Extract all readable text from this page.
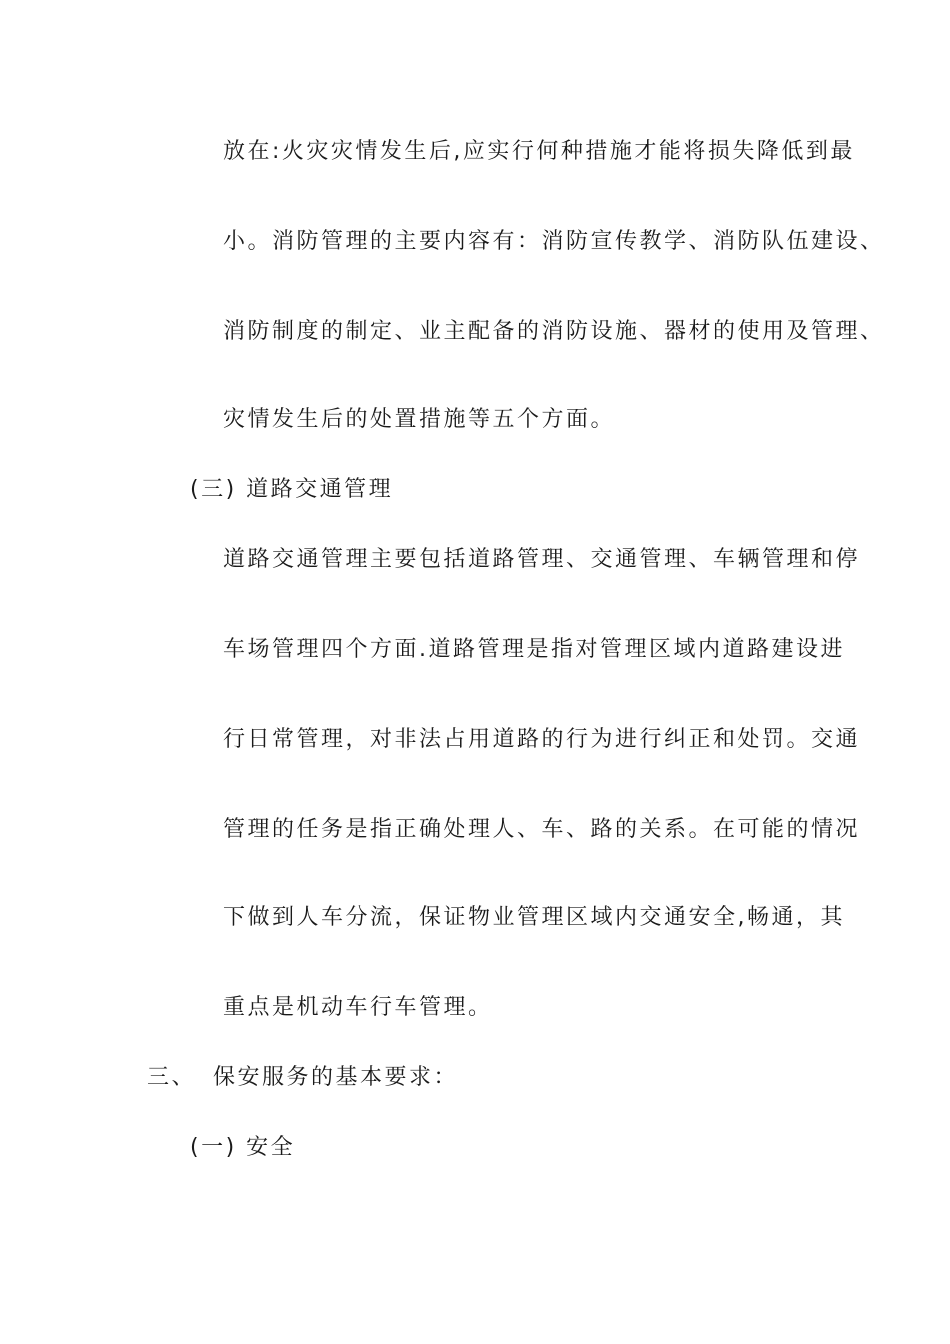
放在:火灾灾情发生后,应实行何种措施才能将损失降低到最
小。消防管理的主要内容有：消防宣传教学、消防队伍建设、
消防制度的制定、业主配备的消防设施、器材的使用及管理、
灾情发生后的处置措施等五个方面。
(三) 道路交通管理
道路交通管理主要包括道路管理、交通管理、车辆管理和停
车场管理四个方面.道路管理是指对管理区域内道路建设进
行日常管理，对非法占用道路的行为进行纠正和处罚。交通
管理的任务是指正确处理人、车、路的关系。在可能的情况
下做到人车分流，保证物业管理区域内交通安全,畅通，其
重点是机动车行车管理。
三、 保安服务的基本要求：
(一) 安全
